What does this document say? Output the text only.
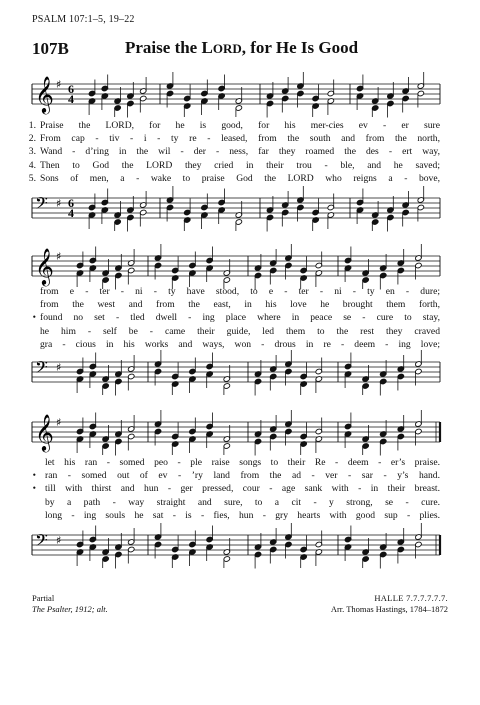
PSALM 107:1–5, 19–22
107B	Praise the LORD, for He Is Good
𝄞 ♯ 6
4
1. Praise the LORD, for he is good, for his mer-cies ev - er sure
2. From cap - tiv - i - ty re - leased, from the south and from the north,
3. Wand - d’ring in the wil - der - ness, far they roamed the des - ert way,
4. Then to God the LORD they cried in their trou - ble, and he saved;
5. Sons of men, a - wake to praise God the LORD who reigns a - bove,
𝄢 ♯ 6
4
𝄞 ♯
from e - ter - ni - ty have stood, to e - ter - ni - ty en - dure;
from the west and from the east, in his love he brought them forth,
• found no set - tled dwell - ing place where in peace se - cure to stay,
he him - self be - came their guide, led them to the rest they craved
gra - cious in his works and ways, won - drous in re - deem - ing love;
𝄢 ♯
𝄞 ♯
let his ran - somed peo - ple raise songs to their Re - deem - er’s praise.
• ran - somed out of ev - ’ry land from the ad - ver - sar - y’s hand.
• till with thirst and hun - ger pressed, cour - age sank with - in their breast.
by a path - way straight and sure, to a cit - y strong, se - cure.
long - ing souls he sat - is - fies, hun - gry hearts with good sup - plies.
𝄢 ♯
Partial
The Psalter, 1912; alt.
HALLE 7.7.7.7.7.7.
Arr. Thomas Hastings, 1784–1872
